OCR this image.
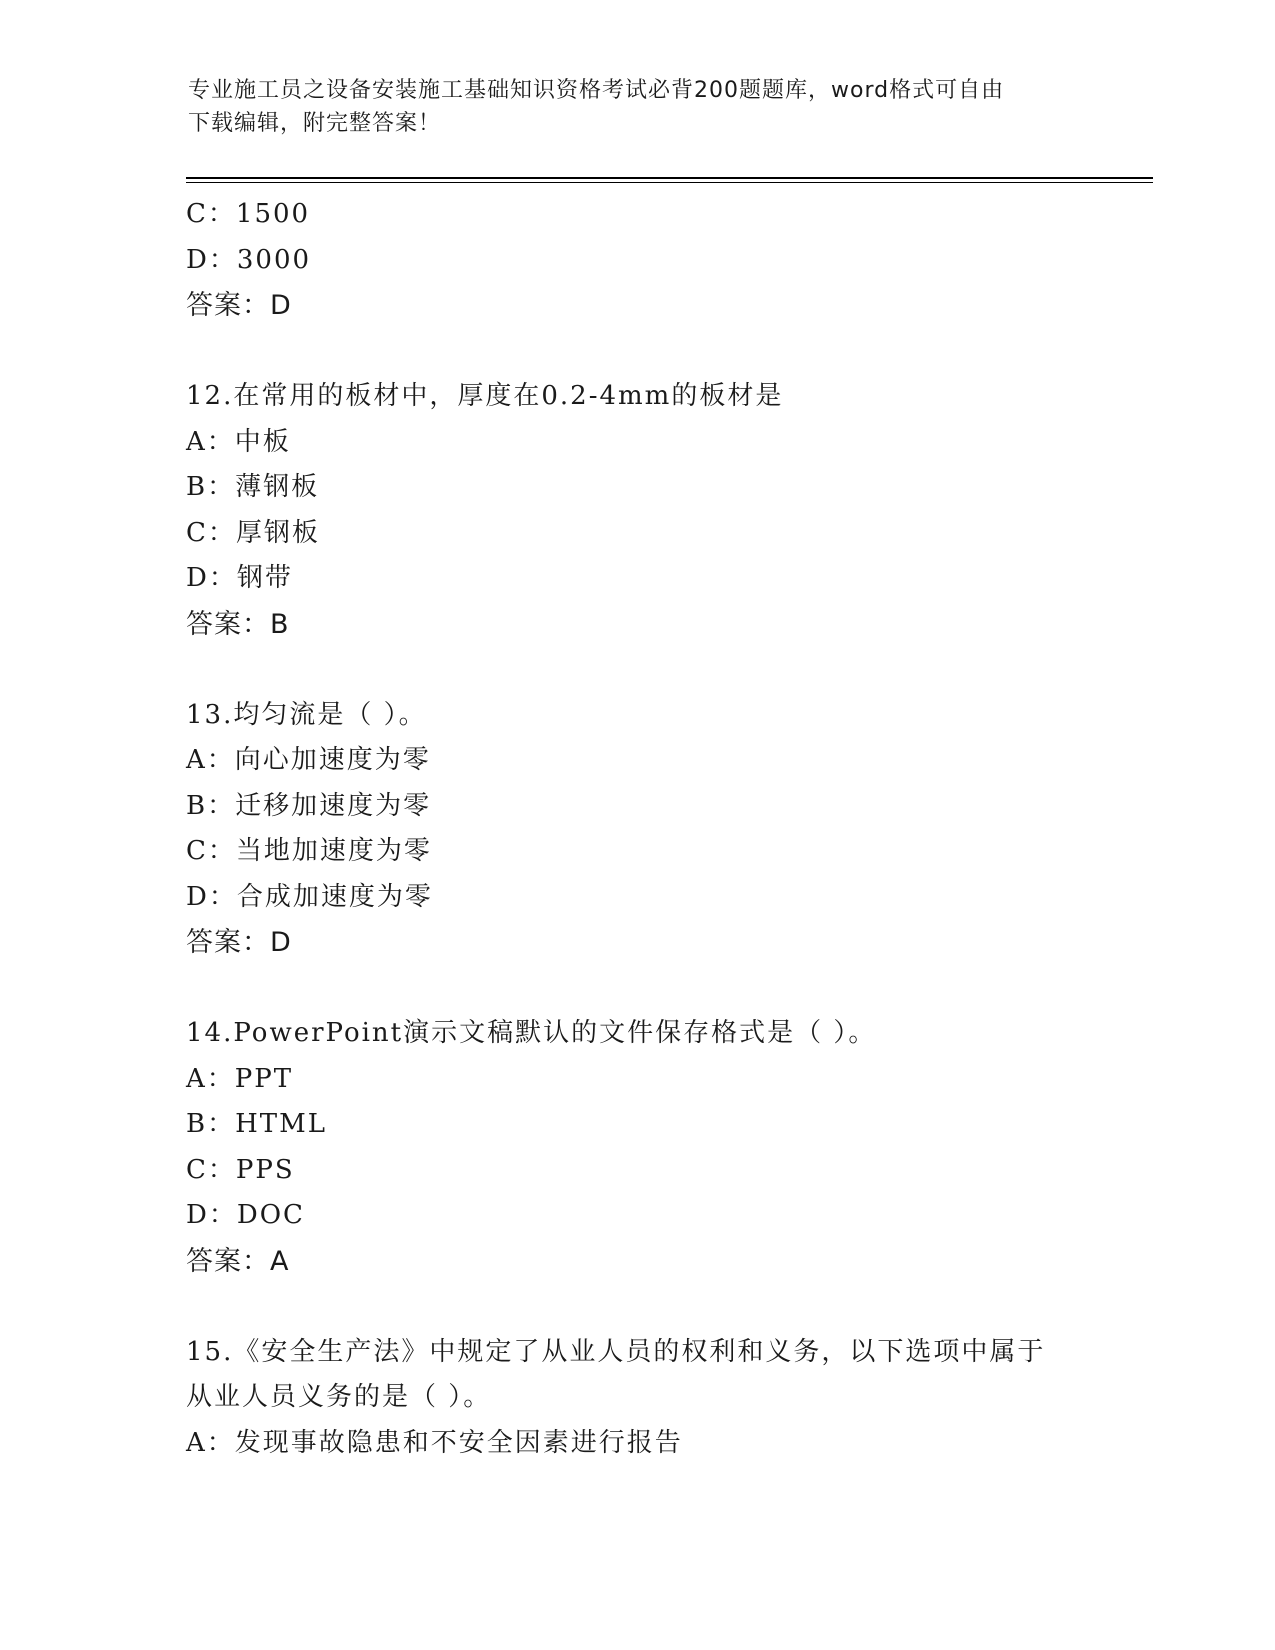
专业施工员之设备安装施工基础知识资格考试必背200题题库，word格式可自由
下载编辑，附完整答案！
C：1500
D：3000
答案：D
12.在常用的板材中，厚度在0.2-4mm的板材是
A：中板
B：薄钢板
C：厚钢板
D：钢带
答案：B
13.均匀流是（ ）。
A：向心加速度为零
B：迁移加速度为零
C：当地加速度为零
D：合成加速度为零
答案：D
14.PowerPoint演示文稿默认的文件保存格式是（ ）。
A：PPT
B：HTML
C：PPS
D：DOC
答案：A
15.《安全生产法》中规定了从业人员的权利和义务，以下选项中属于
从业人员义务的是（ ）。
A：发现事故隐患和不安全因素进行报告
